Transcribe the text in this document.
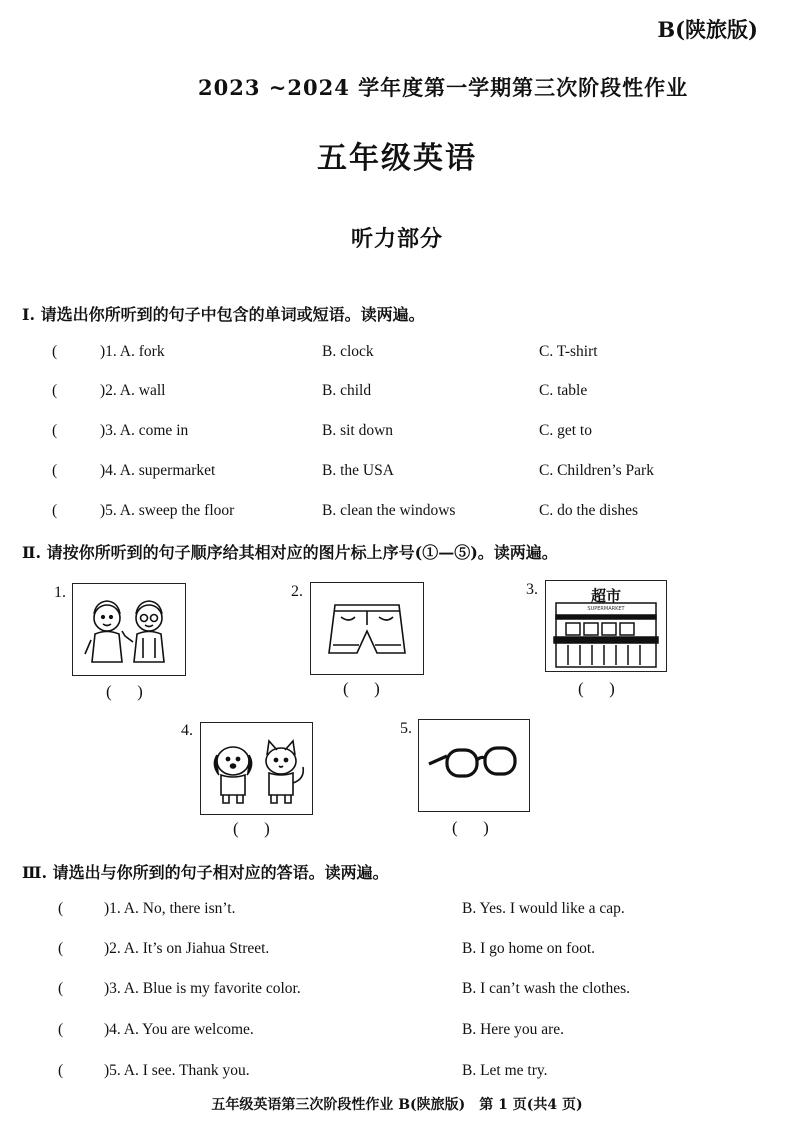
B(陕旅版)
2023 ~2024 学年度第一学期第三次阶段性作业
五年级英语
听力部分
Ⅰ. 请选出你所听到的句子中包含的单词或短语。读两遍。
(	)1. A. fork	B. clock	C. T-shirt
(	)2. A. wall	B. child	C. table
(	)3. A. come in	B. sit down	C. get to
(	)4. A. supermarket	B. the USA	C. Children’s Park
(	)5. A. sweep the floor	B. clean the windows	C. do the dishes
Ⅱ. 请按你所听到的句子顺序给其相对应的图片标上序号(①—⑤)。读两遍。
1.
(      )
2.
(      )
3.	超市
SUPERMARKET
(      )
4.
(      )
5.
(      )
Ⅲ. 请选出与你所到的句子相对应的答语。读两遍。
(	)1. A. No, there isn’t.	B. Yes. I would like a cap.
(	)2. A. It’s on Jiahua Street.	B. I go home on foot.
(	)3. A. Blue is my favorite color.	B. I can’t wash the clothes.
(	)4. A. You are welcome.	B. Here you are.
(	)5. A. I see. Thank you.	B. Let me try.
五年级英语第三次阶段性作业 B(陕旅版)　第 1 页(共4 页)
